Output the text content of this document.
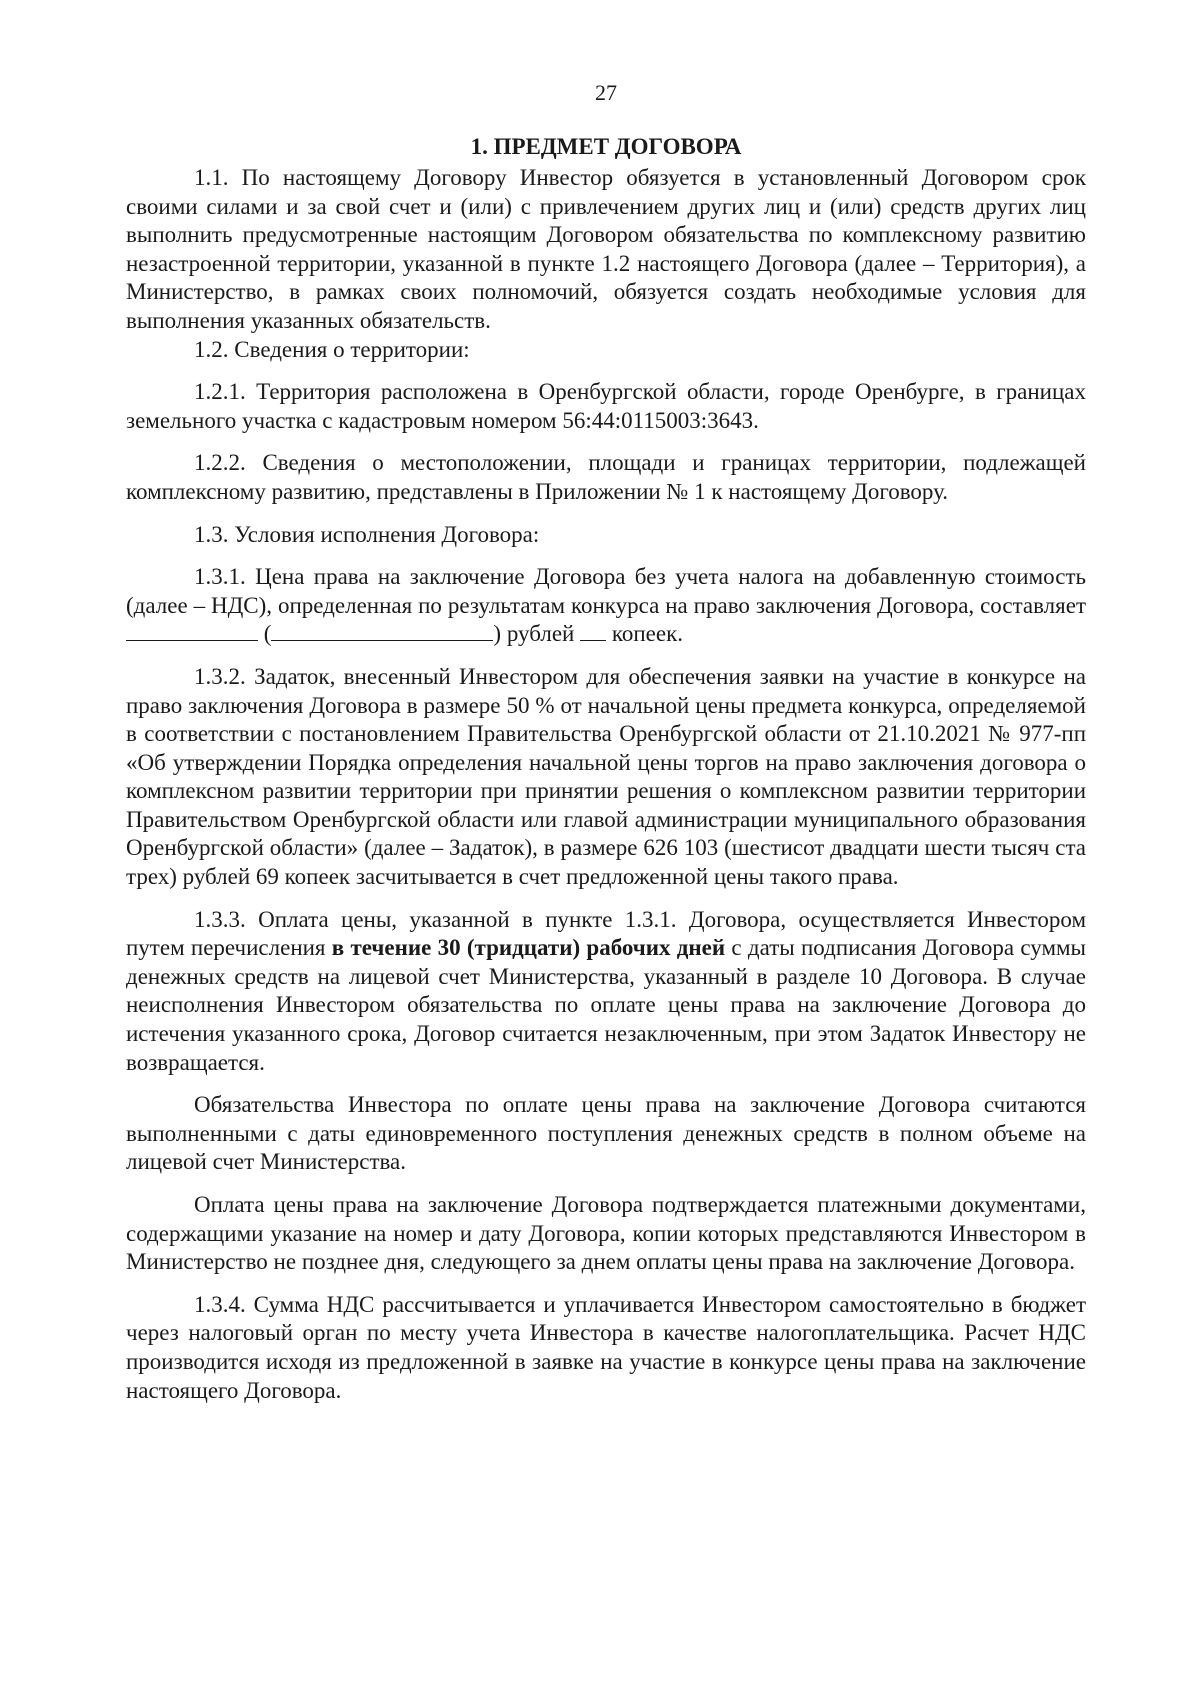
27
1. ПРЕДМЕТ ДОГОВОРА

1.1. По настоящему Договору Инвестор обязуется в установленный Договором срок своими силами и за свой счет и (или) с привлечением других лиц и (или) средств других лиц выполнить предусмотренные настоящим Договором обязательства по комплексному развитию незастроенной территории, указанной в пункте 1.2 настоящего Договора (далее – Территория), а Министерство, в рамках своих полномочий, обязуется создать необходимые условия для выполнения указанных обязательств.

1.2. Сведения о территории:

1.2.1. Территория расположена в Оренбургской области, городе Оренбурге, в границах земельного участка с кадастровым номером 56:44:0115003:3643.

1.2.2. Сведения о местоположении, площади и границах территории, подлежащей комплексному развитию, представлены в Приложении № 1 к настоящему Договору.

1.3. Условия исполнения Договора:

1.3.1. Цена права на заключение Договора без учета налога на добавленную стоимость (далее – НДС), определенная по результатам конкурса на право заключения Договора, составляет  (	) рублей копеек.

1.3.2. Задаток, внесенный Инвестором для обеспечения заявки на участие в конкурсе на право заключения Договора в размере 50 % от начальной цены предмета конкурса, определяемой в соответствии с постановлением Правительства Оренбургской области от 21.10.2021 № 977-пп «Об утверждении Порядка определения начальной цены торгов на право заключения договора о комплексном развитии территории при принятии решения о комплексном развитии территории Правительством Оренбургской области или главой администрации муниципального образования Оренбургской области» (далее – Задаток), в размере 626 103 (шестисот двадцати шести тысяч ста трех) рублей 69 копеек засчитывается в счет предложенной цены такого права.

1.3.3. Оплата цены, указанной в пункте 1.3.1. Договора, осуществляется Инвестором путем перечисления в течение 30 (тридцати) рабочих дней с даты подписания Договора суммы денежных средств на лицевой счет Министерства, указанный в разделе 10 Договора. В случае неисполнения Инвестором обязательства по оплате цены права на заключение Договора до истечения указанного срока, Договор считается незаключенным, при этом Задаток Инвестору не возвращается.

Обязательства Инвестора по оплате цены права на заключение Договора считаются выполненными с даты единовременного поступления денежных средств в полном объеме на лицевой счет Министерства.

Оплата цены права на заключение Договора подтверждается платежными документами, содержащими указание на номер и дату Договора, копии которых представляются Инвестором в Министерство не позднее дня, следующего за днем оплаты цены права на заключение Договора.

1.3.4. Сумма НДС рассчитывается и уплачивается Инвестором самостоятельно в бюджет через налоговый орган по месту учета Инвестора в качестве налогоплательщика. Расчет НДС производится исходя из предложенной в заявке на участие в конкурсе цены права на заключение настоящего Договора.
